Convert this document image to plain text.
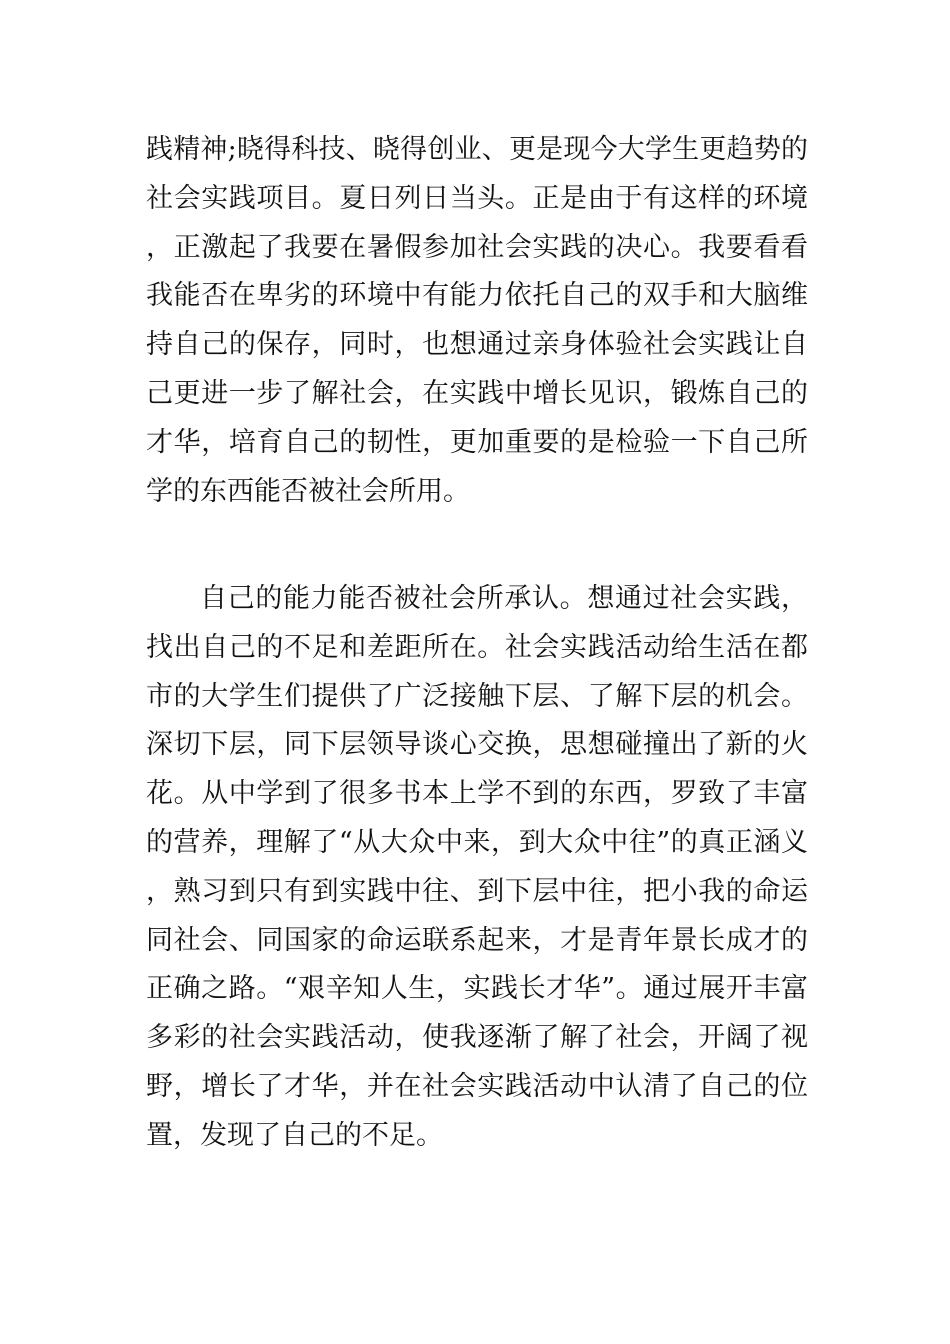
践精神;晓得科技、晓得创业、更是现今大学生更趋势的社会实践项目。夏日列日当头。正是由于有这样的环境，正激起了我要在暑假参加社会实践的决心。我要看看我能否在卑劣的环境中有能力依托自己的双手和大脑维持自己的保存，同时，也想通过亲身体验社会实践让自己更进一步了解社会，在实践中增长见识，锻炼自己的才华，培育自己的韧性，更加重要的是检验一下自己所学的东西能否被社会所用。

自己的能力能否被社会所承认。想通过社会实践，找出自己的不足和差距所在。社会实践活动给生活在都市的大学生们提供了广泛接触下层、了解下层的机会。深切下层，同下层领导谈心交换，思想碰撞出了新的火花。从中学到了很多书本上学不到的东西，罗致了丰富的营养，理解了“从大众中来，到大众中往”的真正涵义，熟习到只有到实践中往、到下层中往，把小我的命运同社会、同国家的命运联系起来，才是青年景长成才的正确之路。“艰辛知人生，实践长才华”。通过展开丰富多彩的社会实践活动，使我逐渐了解了社会，开阔了视野，增长了才华，并在社会实践活动中认清了自己的位置，发现了自己的不足。
